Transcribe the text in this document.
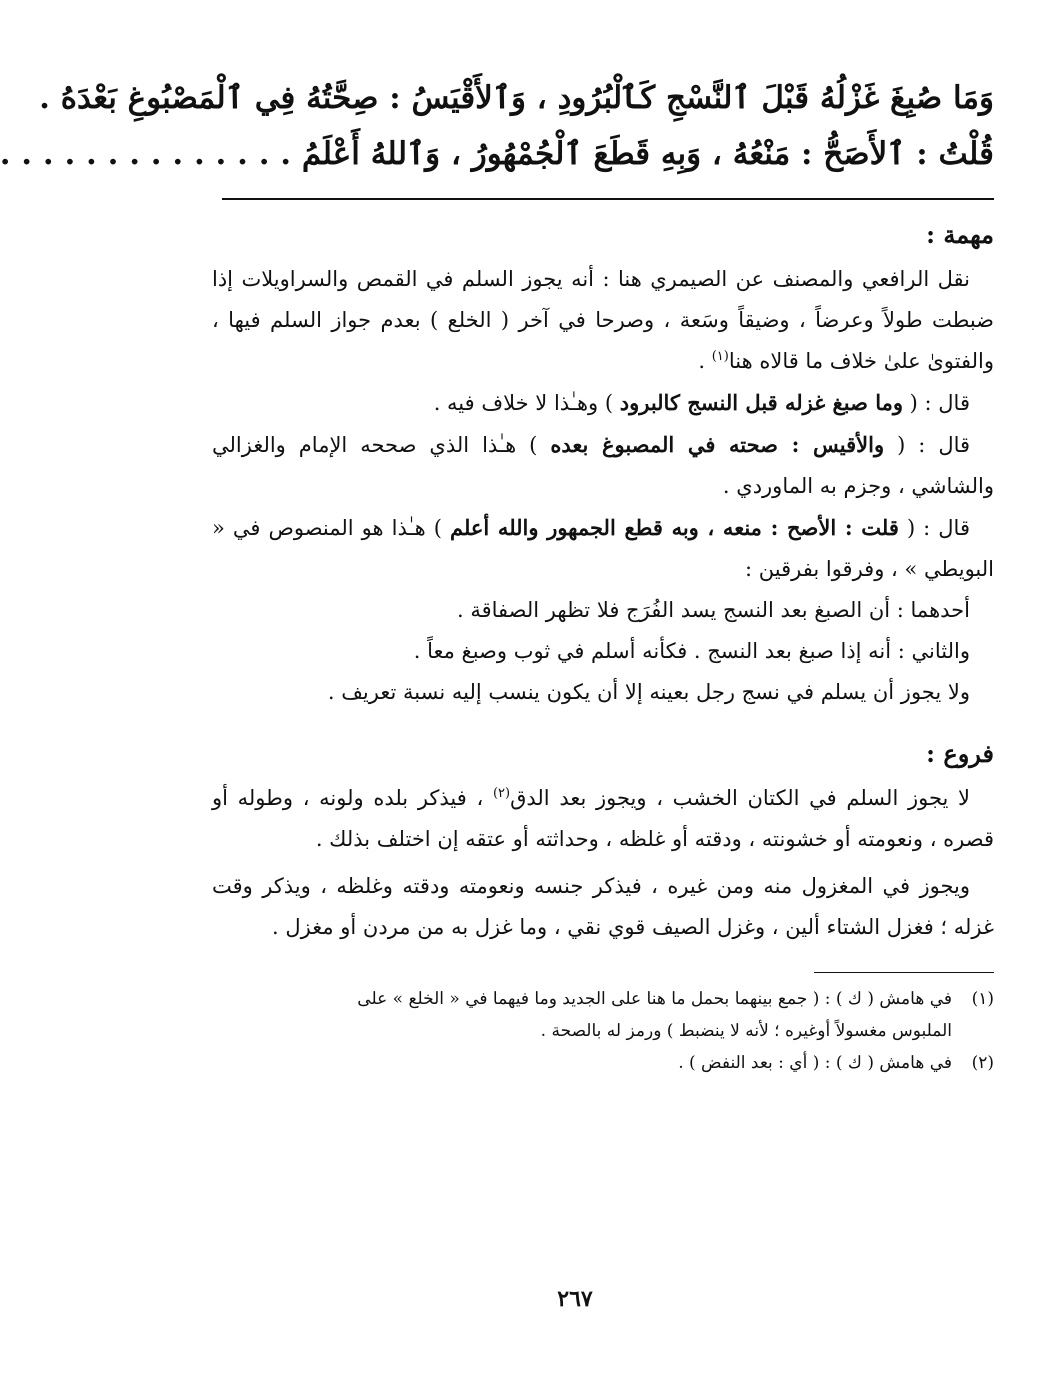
وَمَا صُبِغَ غَزْلُهُ قَبْلَ ٱلنَّسْجِ كَٱلْبُرُودِ ، وَٱلأَقْيَسُ : صِحَّتُهُ فِي ٱلْمَصْبُوغِ بَعْدَهُ .
قُلْتُ : ٱلأَصَحُّ : مَنْعُهُ ، وَبِهِ قَطَعَ ٱلْجُمْهُورُ ، وَٱللهُ أَعْلَمُ . . . . . . . . . . . . . .
مهمة :

نقل الرافعي والمصنف عن الصيمري هنا : أنه يجوز السلم في القمص والسراويلات إذا ضبطت طولاً وعرضاً ، وضيقاً وسَعة ، وصرحا في آخر ( الخلع ) بعدم جواز السلم فيها ، والفتوىٰ علىٰ خلاف ما قالاه هنا$^{(١)}$ .

قال : ( وما صبغ غزله قبل النسج كالبرود ) وهـٰذا لا خلاف فيه .

قال : ( والأقيس : صحته في المصبوغ بعده ) هـٰذا الذي صححه الإمام والغزالي والشاشي ، وجزم به الماوردي .

قال : ( قلت : الأصح : منعه ، وبه قطع الجمهور والله أعلم ) هـٰذا هو المنصوص في « البويطي » ، وفرقوا بفرقين :

أحدهما : أن الصبغ بعد النسج يسد الفُرَج فلا تظهر الصفاقة .

والثاني : أنه إذا صبغ بعد النسج . فكأنه أسلم في ثوب وصبغ معاً .

ولا يجوز أن يسلم في نسج رجل بعينه إلا أن يكون ينسب إليه نسبة تعريف .

فروع :

لا يجوز السلم في الكتان الخشب ، ويجوز بعد الدق$^{(٢)}$ ، فيذكر بلده ولونه ، وطوله أو قصره ، ونعومته أو خشونته ، ودقته أو غلظه ، وحداثته أو عتقه إن اختلف بذلك .

ويجوز في المغزول منه ومن غيره ، فيذكر جنسه ونعومته ودقته وغلظه ، ويذكر وقت غزله ؛ فغزل الشتاء ألين ، وغزل الصيف قوي نقي ، وما غزل به من مردن أو مغزل .

(١)في هامش ( ك ) : ( جمع بينهما بحمل ما هنا على الجديد وما فيهما في « الخلع » على
الملبوس مغسولاً أوغيره ؛ لأنه لا ينضبط ) ورمز له بالصحة .

(٢)في هامش ( ك ) : ( أي : بعد النفض ) .

٢٦٧
